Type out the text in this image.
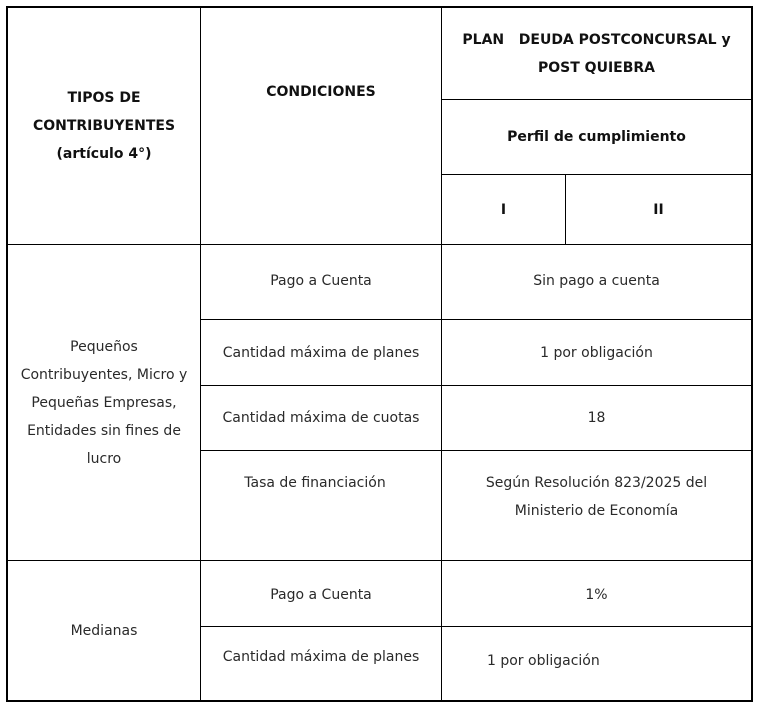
TIPOS DE
CONTRIBUYENTES
(artículo 4°)
CONDICIONES
PLAN   DEUDA POSTCONCURSAL y
POST QUIEBRA
Perfil de cumplimiento
I	II
Pequeños
Contribuyentes, Micro y
Pequeñas Empresas,
Entidades sin fines de
lucro
Pago a Cuenta	Sin pago a cuenta
Cantidad máxima de planes	1 por obligación
Cantidad máxima de cuotas	18
Tasa de financiación	Según Resolución 823/2025 del
Ministerio de Economía
Medianas
Pago a Cuenta	1%
Cantidad máxima de planes	1 por obligación
